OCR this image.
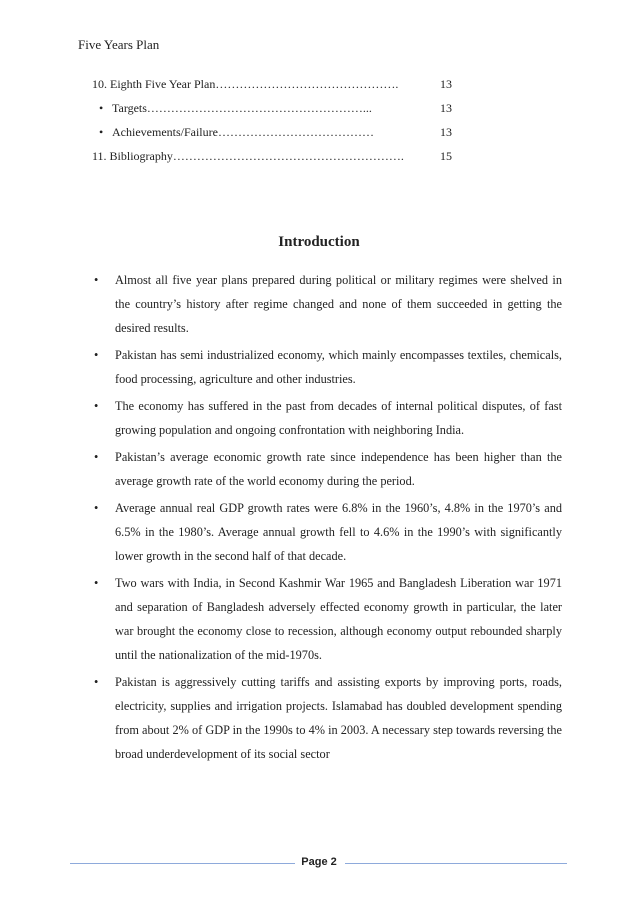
Five Years Plan
10. Eighth Five Year Plan……………………………………….	13
• Targets………………………………………………...	13
• Achievements/Failure…………………………………	13
11. Bibliography………………………………………………….	15
Introduction
• Almost all five year plans prepared during political or military regimes were shelved in the country’s history after regime changed and none of them succeeded in getting the desired results.
• Pakistan has semi industrialized economy, which mainly encompasses textiles, chemicals, food processing, agriculture and other industries.
• The economy has suffered in the past from decades of internal political disputes, of fast growing population and ongoing confrontation with neighboring India.
• Pakistan’s average economic growth rate since independence has been higher than the average growth rate of the world economy during the period.
• Average annual real GDP growth rates were 6.8% in the 1960’s, 4.8% in the 1970’s and 6.5% in the 1980’s. Average annual growth fell to 4.6% in the 1990’s with significantly lower growth in the second half of that decade.
• Two wars with India, in Second Kashmir War 1965 and Bangladesh Liberation war 1971 and separation of Bangladesh adversely effected economy growth in particular, the later war brought the economy close to recession, although economy output rebounded sharply until the nationalization of the mid-1970s.
• Pakistan is aggressively cutting tariffs and assisting exports by improving ports, roads, electricity, supplies and irrigation projects. Islamabad has doubled development spending from about 2% of GDP in the 1990s to 4% in 2003. A necessary step towards reversing the broad underdevelopment of its social sector
Page 2
